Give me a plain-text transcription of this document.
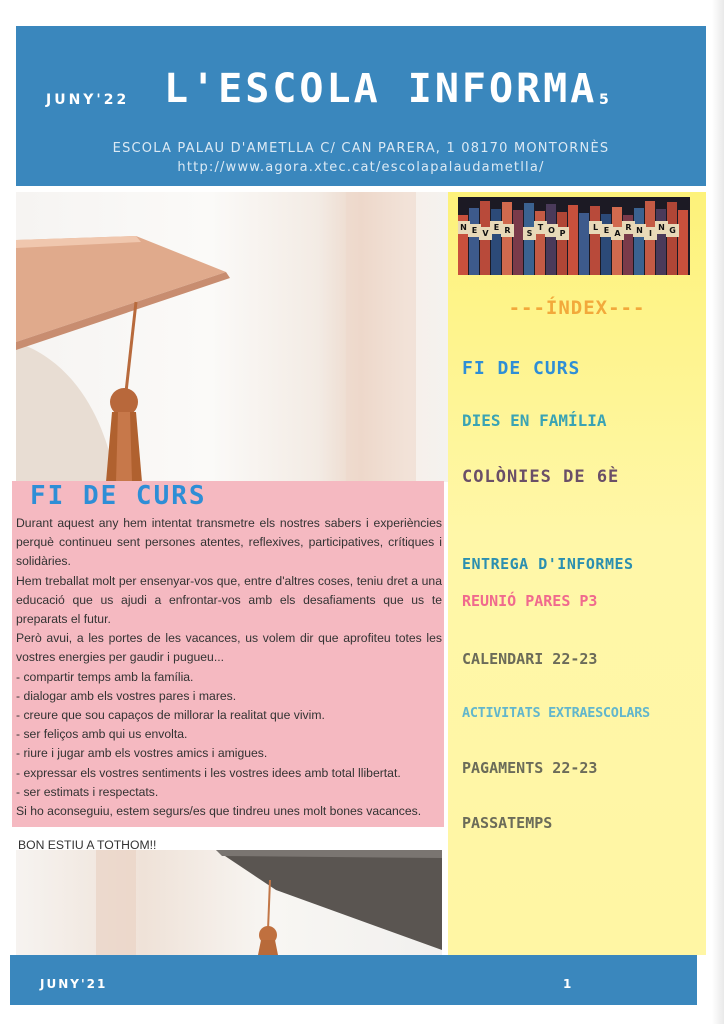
JUNY'22 L'ESCOLA INFORMA 5
ESCOLA PALAU D'AMETLLA C/ CAN PARERA, 1 08170 MONTORNÈS
http://www.agora.xtec.cat/escolapalaudametlla/
FI DE CURS

Durant aquest any hem intentat transmetre els nostres sabers i experiències perquè continueu sent persones atentes, reflexives, participatives, crítiques i solidàries.

Hem treballat molt per ensenyar-vos que, entre d'altres coses, teniu dret a una educació que us ajudi a enfrontar-vos amb els desafiaments que us te preparats el futur.

Però avui, a les portes de les vacances, us volem dir que aprofiteu totes les vostres energies per gaudir i pugueu...

- compartir temps amb la família.

- dialogar amb els vostres pares i mares.

- creure que sou capaços de millorar la realitat que vivim.

- ser feliços amb qui us envolta.

- riure i jugar amb els vostres amics i amigues.

- expressar els vostres sentiments i les vostres idees amb total llibertat.

- ser estimats i respectats.

Si ho aconseguiu, estem segurs/es que tindreu unes molt bones vacances.

BON ESTIU A TOTHOM!!
N E V
E R	S
T O P
L E A
R N I
N G
---ÍNDEX---
FI DE CURS
DIES EN FAMÍLIA
COLÒNIES DE 6È
ENTREGA D'INFORMES
REUNIÓ PARES P3
CALENDARI 22-23
ACTIVITATS EXTRAESCOLARS
PAGAMENTS 22-23
PASSATEMPS
JUNY'21	1
